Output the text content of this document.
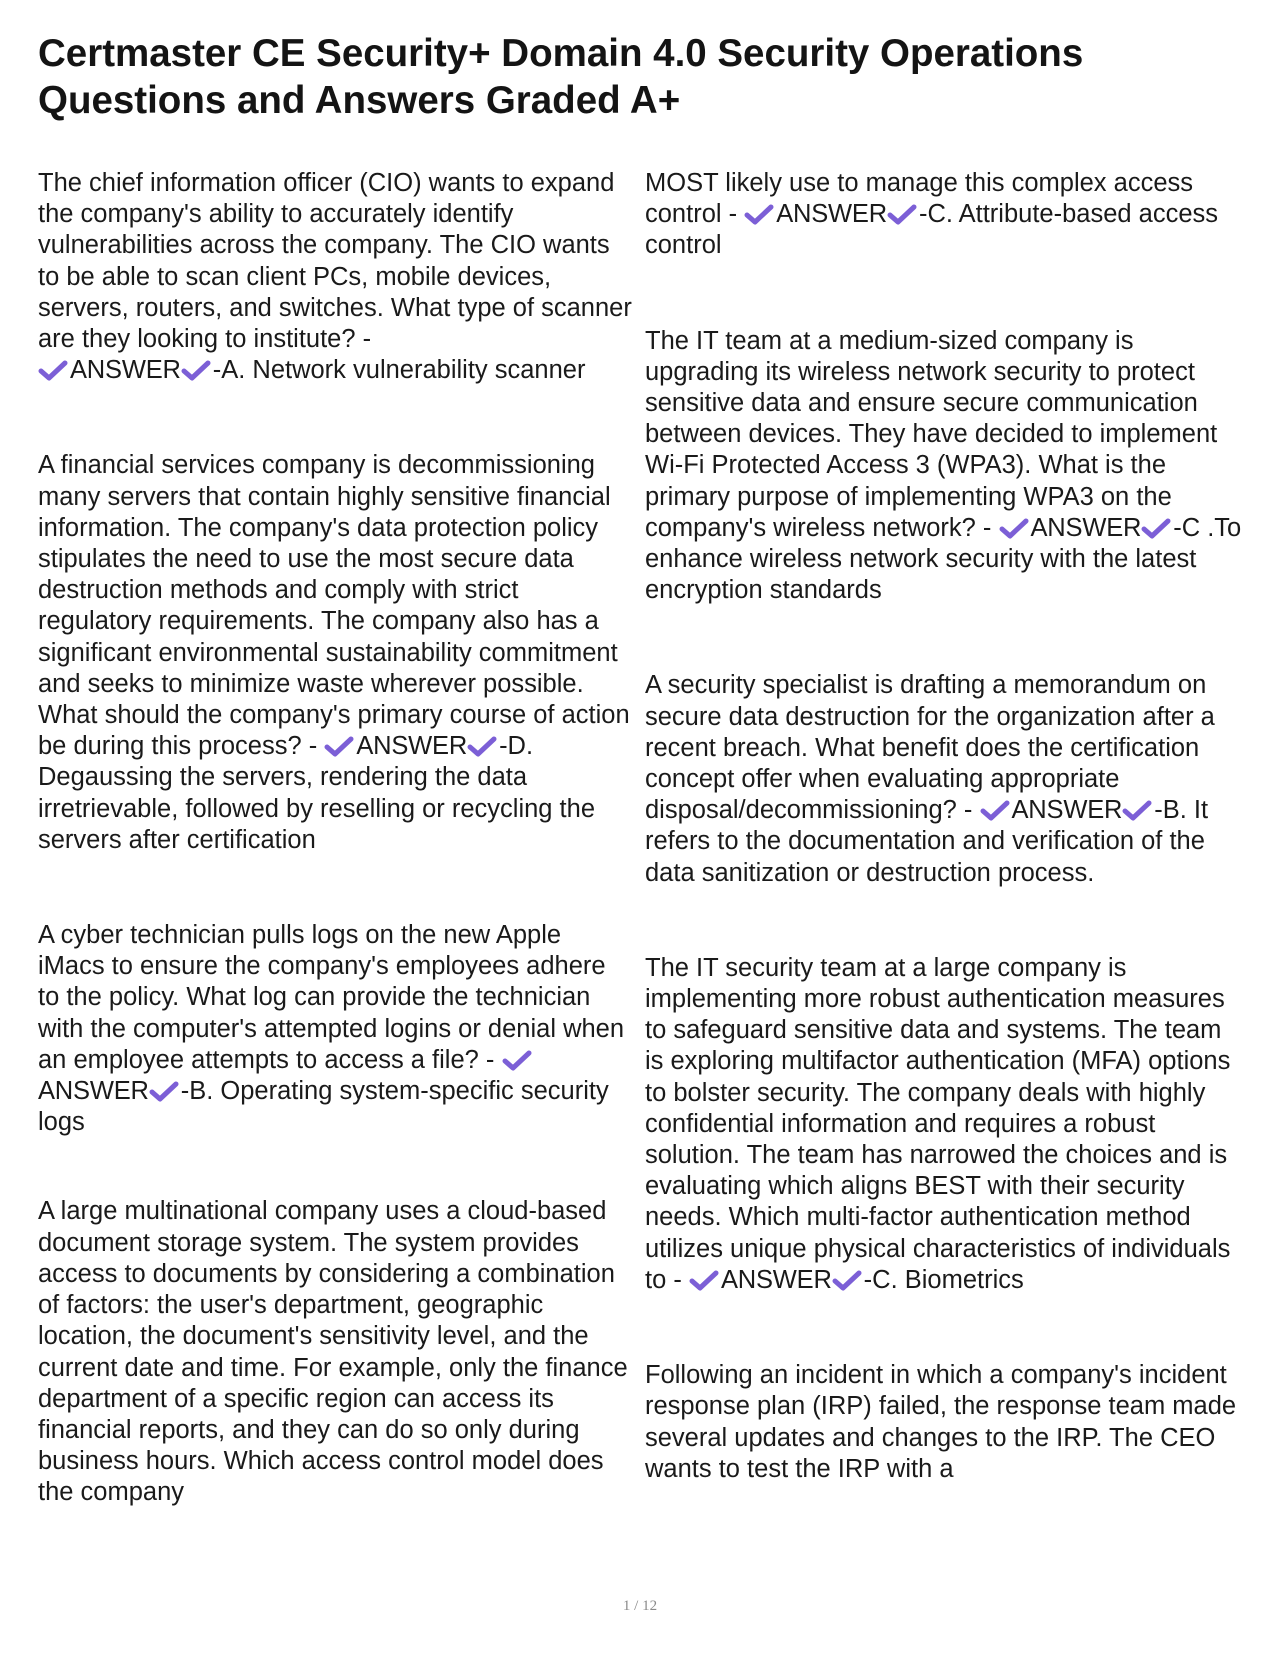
Certmaster CE Security+ Domain 4.0 Security Operations Questions and Answers Graded A+
The chief information officer (CIO) wants to expand the company's ability to accurately identify vulnerabilities across the company. The CIO wants to be able to scan client PCs, mobile devices, servers, routers, and switches. What type of scanner are they looking to institute? -

ANSWER -A. Network vulnerability scanner
A financial services company is decommissioning many servers that contain highly sensitive financial information. The company's data protection policy stipulates the need to use the most secure data destruction methods and comply with strict regulatory requirements. The company also has a significant environmental sustainability commitment and seeks to minimize waste wherever possible. What should the company's primary course of action be during this process? - ANSWER -D. Degaussing the servers, rendering the data irretrievable, followed by reselling or recycling the servers after certification
A cyber technician pulls logs on the new Apple iMacs to ensure the company's employees adhere to the policy. What log can provide the technician with the computer's attempted logins or denial when an employee attempts to access a file? -
ANSWER -B. Operating system-specific security logs
A large multinational company uses a cloud-based document storage system. The system provides access to documents by considering a combination of factors: the user's department, geographic location, the document's sensitivity level, and the current date and time. For example, only the finance department of a specific region can access its financial reports, and they can do so only during business hours. Which access control model does the company
MOST likely use to manage this complex access control - ANSWER -C. Attribute-based access control
The IT team at a medium-sized company is upgrading its wireless network security to protect sensitive data and ensure secure communication between devices. They have decided to implement Wi-Fi Protected Access 3 (WPA3). What is the primary purpose of implementing WPA3 on the company's wireless network? - ANSWER -C .To enhance wireless network security with the latest encryption standards
A security specialist is drafting a memorandum on secure data destruction for the organization after a recent breach. What benefit does the certification concept offer when evaluating appropriate disposal/decommissioning? - ANSWER -B. It refers to the documentation and verification of the data sanitization or destruction process.
The IT security team at a large company is implementing more robust authentication measures to safeguard sensitive data and systems. The team is exploring multifactor authentication (MFA) options to bolster security. The company deals with highly confidential information and requires a robust solution. The team has narrowed the choices and is evaluating which aligns BEST with their security needs. Which multi-factor authentication method utilizes unique physical characteristics of individuals to - ANSWER -C. Biometrics
Following an incident in which a company's incident response plan (IRP) failed, the response team made several updates and changes to the IRP. The CEO wants to test the IRP with a
1 / 12
